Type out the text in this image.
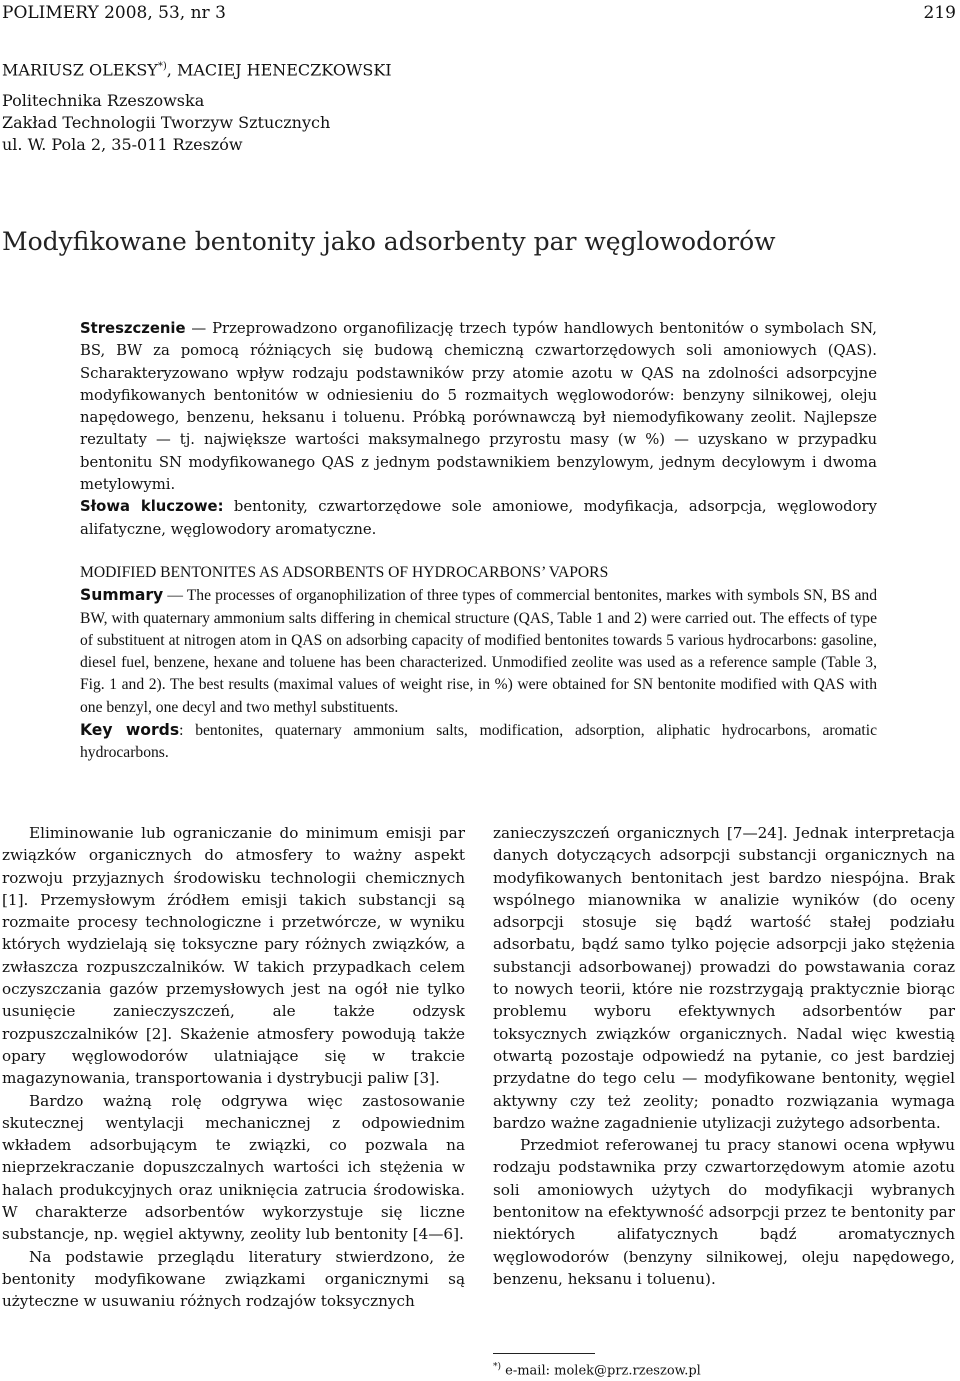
POLIMERY 2008, 53, nr 3	219
MARIUSZ OLEKSY*), MACIEJ HENECZKOWSKI
Politechnika Rzeszowska
Zakład Technologii Tworzyw Sztucznych
ul. W. Pola 2, 35-011 Rzeszów
Modyfikowane bentonity jako adsorbenty par węglowodorów

Streszczenie — Przeprowadzono organofilizację trzech typów handlowych bentonitów o symbolach SN, BS, BW za pomocą różniących się budową chemiczną czwartorzędowych soli amoniowych (QAS). Scharakteryzowano wpływ rodzaju podstawników przy atomie azotu w QAS na zdolności adsorpcyjne modyfikowanych bentonitów w odniesieniu do 5 rozmaitych węglowodorów: benzyny silnikowej, oleju napędowego, benzenu, heksanu i toluenu. Próbką porównawczą był niemodyfikowany zeolit. Najlepsze rezultaty — tj. największe wartości maksymalnego przyrostu masy (w %) — uzyskano w przypadku bentonitu SN modyfikowanego QAS z jednym podstawnikiem benzylowym, jednym decylowym i dwoma metylowymi.

Słowa kluczowe: bentonity, czwartorzędowe sole amoniowe, modyfikacja, adsorpcja, węglowodory alifatyczne, węglowodory aromatyczne.

MODIFIED BENTONITES AS ADSORBENTS OF HYDROCARBONS’ VAPORS

Summary — The processes of organophilization of three types of commercial bentonites, markes with symbols SN, BS and BW, with quaternary ammonium salts differing in chemical structure (QAS, Table 1 and 2) were carried out. The effects of type of substituent at nitrogen atom in QAS on adsorbing capacity of modified bentonites towards 5 various hydrocarbons: gasoline, diesel fuel, benzene, hexane and toluene has been characterized. Unmodified zeolite was used as a reference sample (Table 3, Fig. 1 and 2). The best results (maximal values of weight rise, in %) were obtained for SN bentonite modified with QAS with one benzyl, one decyl and two methyl substituents.

Key words: bentonites, quaternary ammonium salts, modification, adsorption, aliphatic hydrocarbons, aromatic hydrocarbons.

Eliminowanie lub ograniczanie do minimum emisji par związków organicznych do atmosfery to ważny aspekt rozwoju przyjaznych środowisku technologii chemicznych [1]. Przemysłowym źródłem emisji takich substancji są rozmaite procesy technologiczne i przetwórcze, w wyniku których wydzielają się toksyczne pary różnych związków, a zwłaszcza rozpuszczalników. W takich przypadkach celem oczyszczania gazów przemysłowych jest na ogół nie tylko usunięcie zanieczyszczeń, ale także odzysk rozpuszczalników [2]. Skażenie atmosfery powodują także opary węglowodorów ulatniające się w trakcie magazynowania, transportowania i dystrybucji paliw [3].

Bardzo ważną rolę odgrywa więc zastosowanie skutecznej wentylacji mechanicznej z odpowiednim wkładem adsorbującym te związki, co pozwala na nieprzekraczanie dopuszczalnych wartości ich stężenia w halach produkcyjnych oraz uniknięcia zatrucia środowiska. W charakterze adsorbentów wykorzystuje się liczne substancje, np. węgiel aktywny, zeolity lub bentonity [4—6].

Na podstawie przeglądu literatury stwierdzono, że bentonity modyfikowane związkami organicznymi są użyteczne w usuwaniu różnych rodzajów toksycznych

zanieczyszczeń organicznych [7—24]. Jednak interpretacja danych dotyczących adsorpcji substancji organicznych na modyfikowanych bentonitach jest bardzo niespójna. Brak wspólnego mianownika w analizie wyników (do oceny adsorpcji stosuje się bądź wartość stałej podziału adsorbatu, bądź samo tylko pojęcie adsorpcji jako stężenia substancji adsorbowanej) prowadzi do powstawania coraz to nowych teorii, które nie rozstrzygają praktycznie biorąc problemu wyboru efektywnych adsorbentów par toksycznych związków organicznych. Nadal więc kwestią otwartą pozostaje odpowiedź na pytanie, co jest bardziej przydatne do tego celu — modyfikowane bentonity, węgiel aktywny czy też zeolity; ponadto rozwiązania wymaga bardzo ważne zagadnienie utylizacji zużytego adsorbenta.

Przedmiot referowanej tu pracy stanowi ocena wpływu rodzaju podstawnika przy czwartorzędowym atomie azotu soli amoniowych użytych do modyfikacji wybranych bentonitow na efektywność adsorpcji przez te bentonity par niektórych alifatycznych bądź aromatycznych węglowodorów (benzyny silnikowej, oleju napędowego, benzenu, heksanu i toluenu).

*) e-mail: molek@prz.rzeszow.pl
